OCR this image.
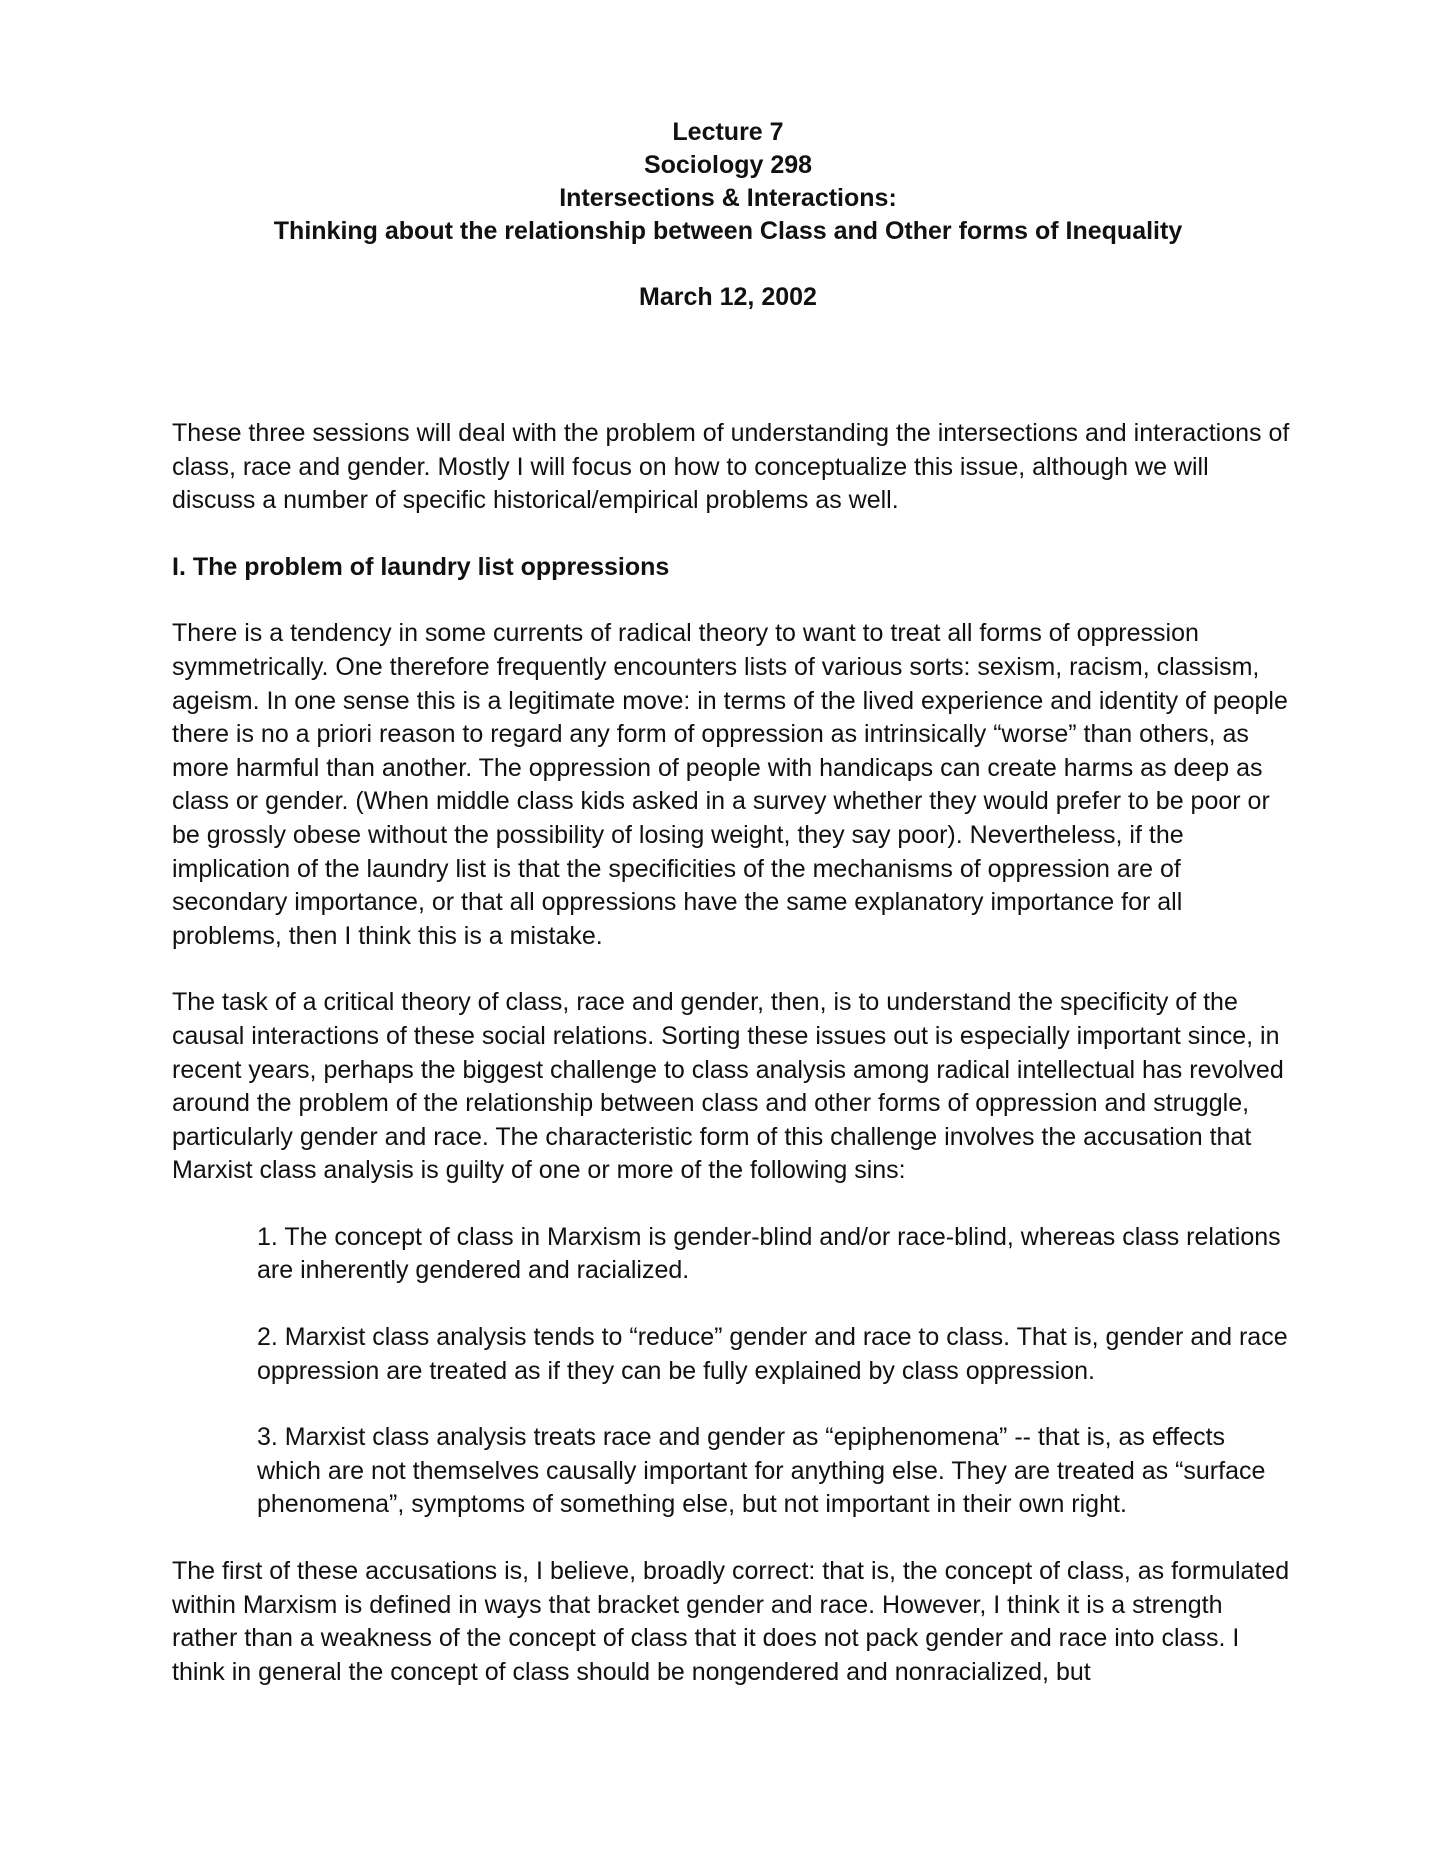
Lecture 7
Sociology 298
Intersections & Interactions:
Thinking about the relationship between Class and Other forms of Inequality
March 12, 2002

These three sessions will deal with the problem of understanding the intersections and interactions of class, race and gender. Mostly I will focus on how to conceptualize this issue, although we will discuss a number of specific historical/empirical problems as well.

I. The problem of laundry list oppressions

There is a tendency in some currents of radical theory to want to treat all forms of oppression symmetrically. One therefore frequently encounters lists of various sorts: sexism, racism, classism, ageism. In one sense this is a legitimate move: in terms of the lived experience and identity of people there is no a priori reason to regard any form of oppression as intrinsically “worse” than others, as more harmful than another. The oppression of people with handicaps can create harms as deep as class or gender. (When middle class kids asked in a survey whether they would prefer to be poor or be grossly obese without the possibility of losing weight, they say poor). Nevertheless, if the implication of the laundry list is that the specificities of the mechanisms of oppression are of secondary importance, or that all oppressions have the same explanatory importance for all problems, then I think this is a mistake.

The task of a critical theory of class, race and gender, then, is to understand the specificity of the causal interactions of these social relations. Sorting these issues out is especially important since, in recent years, perhaps the biggest challenge to class analysis among radical intellectual has revolved around the problem of the relationship between class and other forms of oppression and struggle, particularly gender and race. The characteristic form of this challenge involves the accusation that Marxist class analysis is guilty of one or more of the following sins:

1. The concept of class in Marxism is gender-blind and/or race-blind, whereas class relations are inherently gendered and racialized.

2. Marxist class analysis tends to “reduce” gender and race to class. That is, gender and race oppression are treated as if they can be fully explained by class oppression.

3. Marxist class analysis treats race and gender as “epiphenomena” -- that is, as effects which are not themselves causally important for anything else. They are treated as “surface phenomena”, symptoms of something else, but not important in their own right.

The first of these accusations is, I believe, broadly correct: that is, the concept of class, as formulated within Marxism is defined in ways that bracket gender and race. However, I think it is a strength rather than a weakness of the concept of class that it does not pack gender and race into class. I think in general the concept of class should be nongendered and nonracialized, but
